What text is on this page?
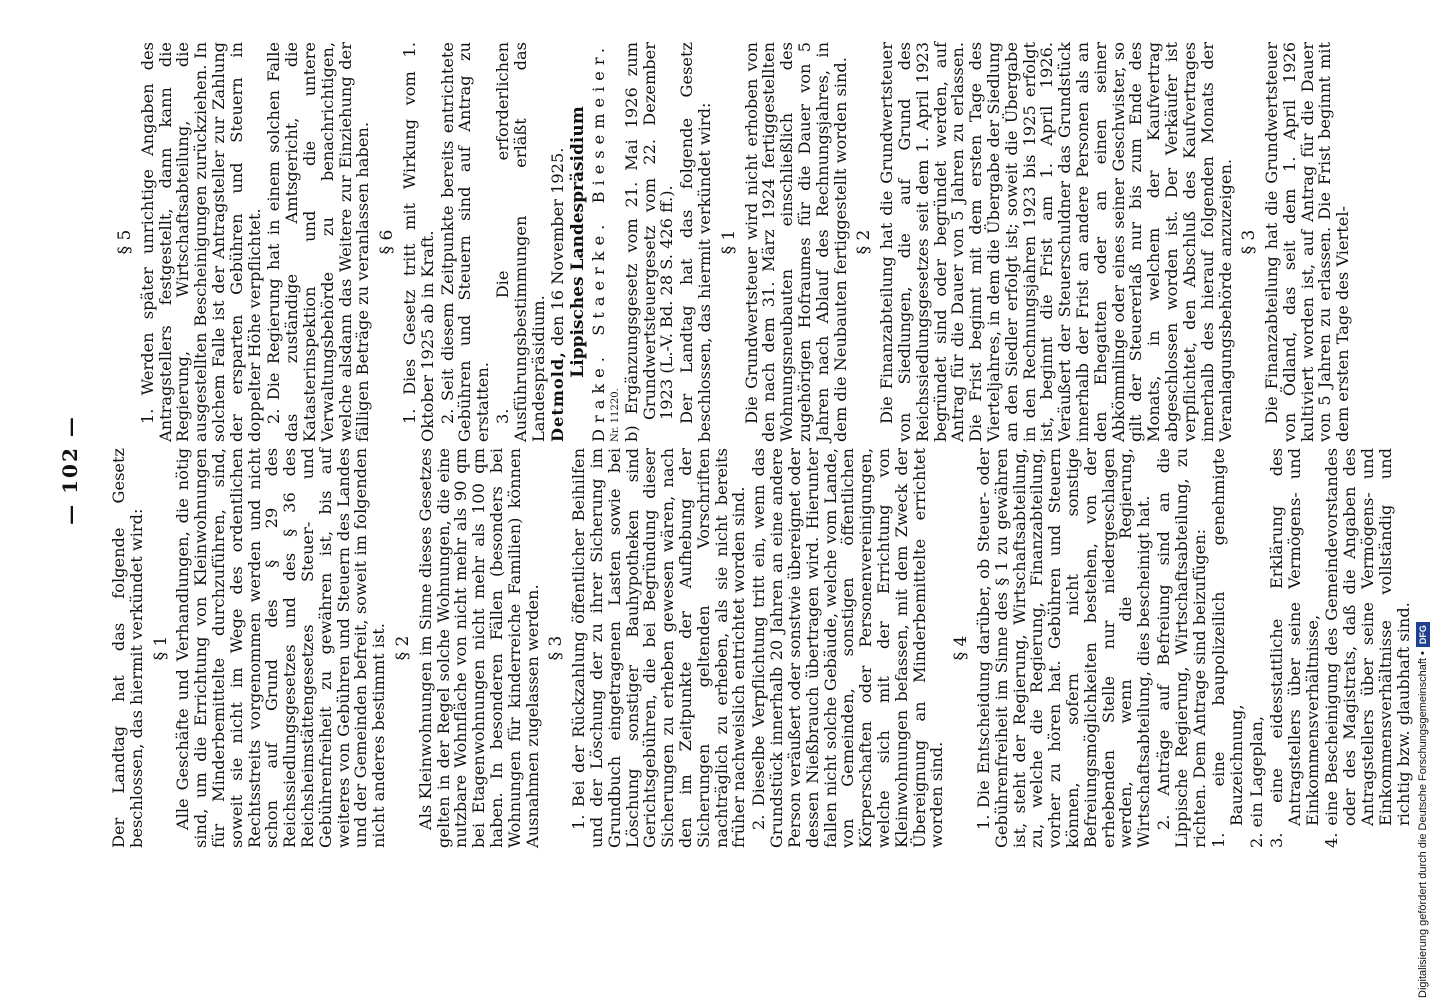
— 102 — Der Landtag hat das folgende Gesetz beschlossen, das hiermit verkündet wird: § 1 Alle Geschäfte und Verhandlungen, die nötig sind, um die Errichtung von Kleinwohnungen für Minderbemittelte durchzuführen, sind, soweit sie nicht im Wege des ordentlichen Rechtsstreits vorgenommen werden und nicht schon auf Grund des § 29 des Reichssiedlungsgesetzes und des § 36 des Reichsheimstättengesetzes Steuer- und Gebührenfreiheit zu gewähren ist, bis auf weiteres von Gebühren und Steuern des Landes und der Gemeinden befreit, soweit im folgenden nicht anderes bestimmt ist. § 2 Als Kleinwohnungen im Sinne dieses Gesetzes gelten in der Regel solche Wohnungen, die eine nutzbare Wohnfläche von nicht mehr als 90 qm bei Etagenwohnungen nicht mehr als 100 qm haben. In besonderen Fällen (besonders bei Wohnungen für kinderreiche Familien) können Ausnahmen zugelassen werden. § 3 1. Bei der Rückzahlung öffentlicher Beihilfen und der Löschung der zu ihrer Sicherung im Grundbuch eingetragenen Lasten sowie bei Löschung sonstiger Bauhypotheken sind Gerichtsgebühren, die bei Begründung dieser Sicherungen zu erheben gewesen wären, nach den im Zeitpunkte der Aufhebung der Sicherungen geltenden Vorschriften nachträglich zu erheben, als sie nicht bereits früher nachweislich entrichtet worden sind. 2. Dieselbe Verpflichtung tritt ein, wenn das Grundstück innerhalb 20 Jahren an eine andere Person veräußert oder sonstwie übereignet oder dessen Nießbrauch übertragen wird. Hierunter fallen nicht solche Gebäude, welche vom Lande, von Gemeinden, sonstigen öffentlichen Körperschaften oder Personenvereinigungen, welche sich mit der Errichtung von Kleinwohnungen befassen, mit dem Zweck der Übereignung an Minderbemittelte errichtet worden sind.

§ 4 1. Die Entscheidung darüber, ob Steuer- oder Gebührenfreiheit im Sinne des § 1 zu gewähren ist, steht der Regierung, Wirtschaftsabteilung, zu, welche die Regierung, Finanzabteilung, vorher zu hören hat. Gebühren und Steuern können, sofern nicht sonstige Befreiungsmöglichkeiten bestehen, von der erhebenden Stelle nur niedergeschlagen werden, wenn die Regierung, Wirtschaftsabteilung, dies bescheinigt hat. 2. Anträge auf Befreiung sind an die Lippische Regierung, Wirtschaftsabteilung, zu richten. Dem Antrage sind beizufügen: 1. eine baupolizeilich genehmigte Bauzeichnung, 2. ein Lageplan, 3. eine eidesstattliche Erklärung des Antragstellers über seine Vermögens- und Einkommensverhältnisse, 4. eine Bescheinigung des Gemeindevorstandes oder des Magistrats, daß die Angaben des Antragstellers über seine Vermögens- und Einkommensverhältnisse vollständig und richtig bzw. glaubhaft sind.

§ 5 1. Werden später unrichtige Angaben des Antragstellers festgestellt, dann kann die Regierung, Wirtschaftsabteilung, die ausgestellten Bescheinigungen zurückziehen. In solchem Falle ist der Antragsteller zur Zahlung der ersparten Gebühren und Steuern in doppelter Höhe verpflichtet. 2. Die Regierung hat in einem solchen Falle das zuständige Amtsgericht, die Katasterinspektion und die untere Verwaltungsbehörde zu benachrichtigen, welche alsdann das Weitere zur Einziehung der fälligen Beträge zu veranlassen haben. § 6 1. Dies Gesetz tritt mit Wirkung vom 1. Oktober 1925 ab in Kraft. 2. Seit diesem Zeitpunkte bereits entrichtete Gebühren und Steuern sind auf Antrag zu erstatten. 3. Die erforderlichen Ausführungsbestimmungen erläßt das Landespräsidium. Detmold, den 16 November 1925. Lippisches Landespräsidium

Drake.
Staerke.
Biesemeier.

Nr. 11220. b) Ergänzungsgesetz vom 21. Mai 1926 zum Grundwertsteuergesetz vom 22. Dezember 1923 (L.-V. Bd. 28 S. 426 ff.). Der Landtag hat das folgende Gesetz beschlossen, das hiermit verkündet wird: § 1 Die Grundwertsteuer wird nicht erhoben von den nach dem 31. März 1924 fertiggestellten Wohnungsneubauten einschließlich des zugehörigen Hofraumes für die Dauer von 5 Jahren nach Ablauf des Rechnungsjahres, in dem die Neubauten fertiggestellt worden sind. § 2 Die Finanzabteilung hat die Grundwertsteuer von Siedlungen, die auf Grund des Reichssiedlungsgesetzes seit dem 1. April 1923 begründet sind oder begründet werden, auf Antrag für die Dauer von 5 Jahren zu erlassen. Die Frist beginnt mit dem ersten Tage des Vierteljahres, in dem die Übergabe der Siedlung an den Siedler erfolgt ist; soweit die Übergabe in den Rechnungsjahren 1923 bis 1925 erfolgt ist, beginnt die Frist am 1. April 1926. Veräußert der Steuerschuldner das Grundstück innerhalb der Frist an andere Personen als an den Ehegatten oder an einen seiner Abkömmlinge oder eines seiner Geschwister, so gilt der Steuererlaß nur bis zum Ende des Monats, in welchem der Kaufvertrag abgeschlossen worden ist. Der Verkäufer ist verpflichtet, den Abschluß des Kaufvertrages innerhalb des hierauf folgenden Monats der Veranlagungsbehörde anzuzeigen. § 3 Die Finanzabteilung hat die Grundwertsteuer von Ödland, das seit dem 1. April 1926 kultiviert worden ist, auf Antrag für die Dauer von 5 Jahren zu erlassen. Die Frist beginnt mit dem ersten Tage des Viertel-

Digitalisierung gefördert durch die Deutsche Forschungsgemeinschaft •
DFG
